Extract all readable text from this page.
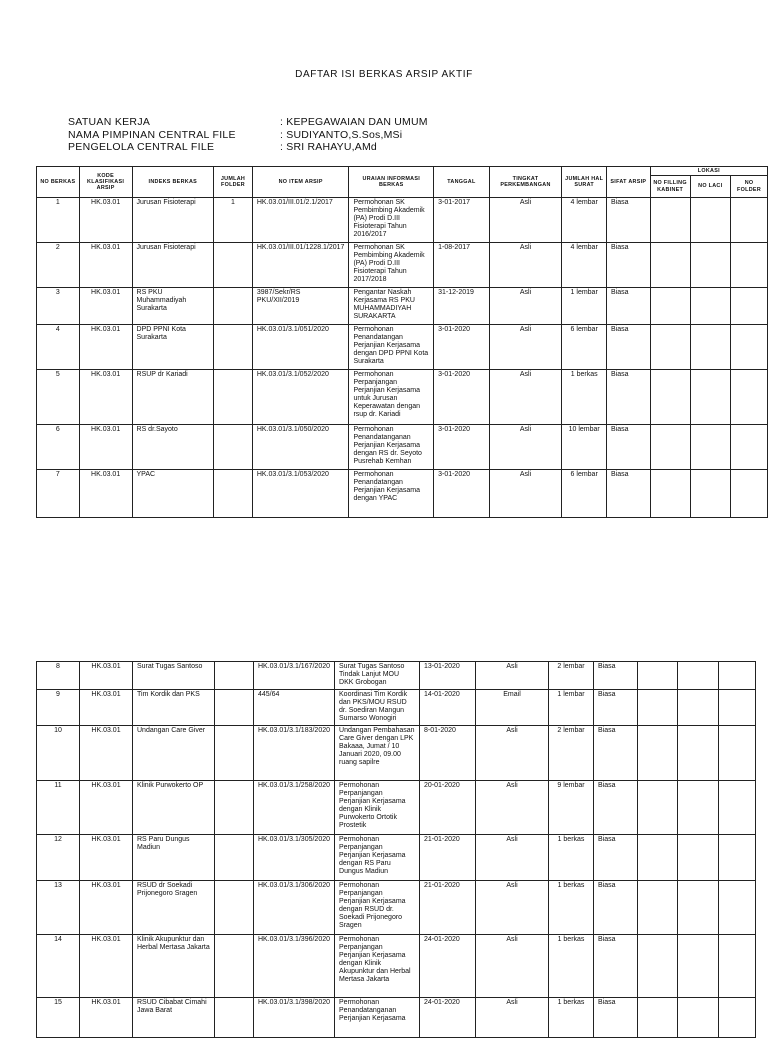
DAFTAR ISI BERKAS ARSIP AKTIF
SATUAN KERJA	: KEPEGAWAIAN DAN UMUM
NAMA PIMPINAN CENTRAL FILE	: SUDIYANTO,S.Sos,MSi
PENGELOLA CENTRAL FILE	: SRI RAHAYU,AMd
NO BERKAS	KODE KLASIFIKASI ARSIP	INDEKS BERKAS	JUMLAH FOLDER	NO ITEM ARSIP	URAIAN INFORMASI BERKAS	TANGGAL	TINGKAT PERKEMBANGAN	JUMLAH HAL SURAT	SIFAT ARSIP	LOKASI		
										NO FILLING KABINET	NO LACI	NO FOLDER
1	HK.03.01	Jurusan Fisioterapi	1	HK.03.01/III.01/2.1/2017	Permohonan SK Pembimbing Akademik (PA) Prodi D.III Fisioterapi Tahun 2016/2017	3-01-2017	Asli	4 lembar	Biasa			
2	HK.03.01	Jurusan Fisioterapi		HK.03.01/III.01/1228.1/2017	Permohonan SK Pembimbing Akademik (PA) Prodi D.III Fisioterapi Tahun 2017/2018	1-08-2017	Asli	4 lembar	Biasa			
3	HK.03.01	RS PKU Muhammadiyah Surakarta		3987/Sekr/RS PKU/XII/2019	Pengantar Naskah Kerjasama RS PKU MUHAMMADIYAH SURAKARTA	31-12-2019	Asli	1 lembar	Biasa			
4	HK.03.01	DPD PPNI Kota Surakarta		HK.03.01/3.1/051/2020	Permohonan Penandatangan Perjanjian Kerjasama dengan DPD PPNI Kota Surakarta	3-01-2020	Asli	6 lembar	Biasa			
5	HK.03.01	RSUP dr Kariadi		HK.03.01/3.1/052/2020	Permohonan Perpanjangan Perjanjian Kerjasama untuk Jurusan Keperawatan dengan rsup dr. Kariadi	3-01-2020	Asli	1 berkas	Biasa			
6	HK.03.01	RS dr.Sayoto		HK.03.01/3.1/050/2020	Permohonan Penandatanganan Perjanjian Kerjasama dengan RS dr. Seyoto Pusrehab Kemhan	3-01-2020	Asli	10 lembar	Biasa			
7	HK.03.01	YPAC		HK.03.01/3.1/053/2020	Permohonan Penandatangan Perjanjian Kerjasama dengan YPAC	3-01-2020	Asli	6 lembar	Biasa			
8	HK.03.01	Surat Tugas Santoso		HK.03.01/3.1/167/2020	Surat Tugas Santoso Tindak Lanjut MOU DKK Grobogan	13-01-2020	Asli	2 lembar	Biasa			
9	HK.03.01	Tim Kordik dan PKS		445/64	Koordinasi Tim Kordik dan PKS/MOU RSUD dr. Soediran Mangun Sumarso Wonogiri	14-01-2020	Email	1 lembar	Biasa			
10	HK.03.01	Undangan Care Giver		HK.03.01/3.1/183/2020	Undangan Pembahasan Care Giver dengan LPK Bakaaa, Jumat / 10 Januari 2020, 09.00 ruang sapilre	8-01-2020	Asli	2 lembar	Biasa			
11	HK.03.01	Klinik Purwokerto OP		HK.03.01/3.1/258/2020	Permohonan Perpanjangan Perjanjian Kerjasama dengan Klinik Purwokerto Ortotik Prostetik	20-01-2020	Asli	9 lembar	Biasa			
12	HK.03.01	RS Paru Dungus Madiun		HK.03.01/3.1/305/2020	Permohonan Perpanjangan Perjanjian Kerjasama dengan RS Paru Dungus Madiun	21-01-2020	Asli	1 berkas	Biasa			
13	HK.03.01	RSUD dr Soekadi Prijonegoro Sragen		HK.03.01/3.1/306/2020	Permohonan Perpanjangan Perjanjian Kerjasama dengan RSUD dr. Soekadi Prijonegoro Sragen	21-01-2020	Asli	1 berkas	Biasa			
14	HK.03.01	Klinik Akupunktur dan Herbal Mertasa Jakarta		HK.03.01/3.1/396/2020	Permohonan Perpanjangan Perjanjian Kerjasama dengan Klinik Akupunktur dan Herbal Mertasa Jakarta	24-01-2020	Asli	1 berkas	Biasa			
15	HK.03.01	RSUD Cibabat Cimahi Jawa Barat		HK.03.01/3.1/398/2020	Permohonan Penandatanganan Perjanjian Kerjasama	24-01-2020	Asli	1 berkas	Biasa			
